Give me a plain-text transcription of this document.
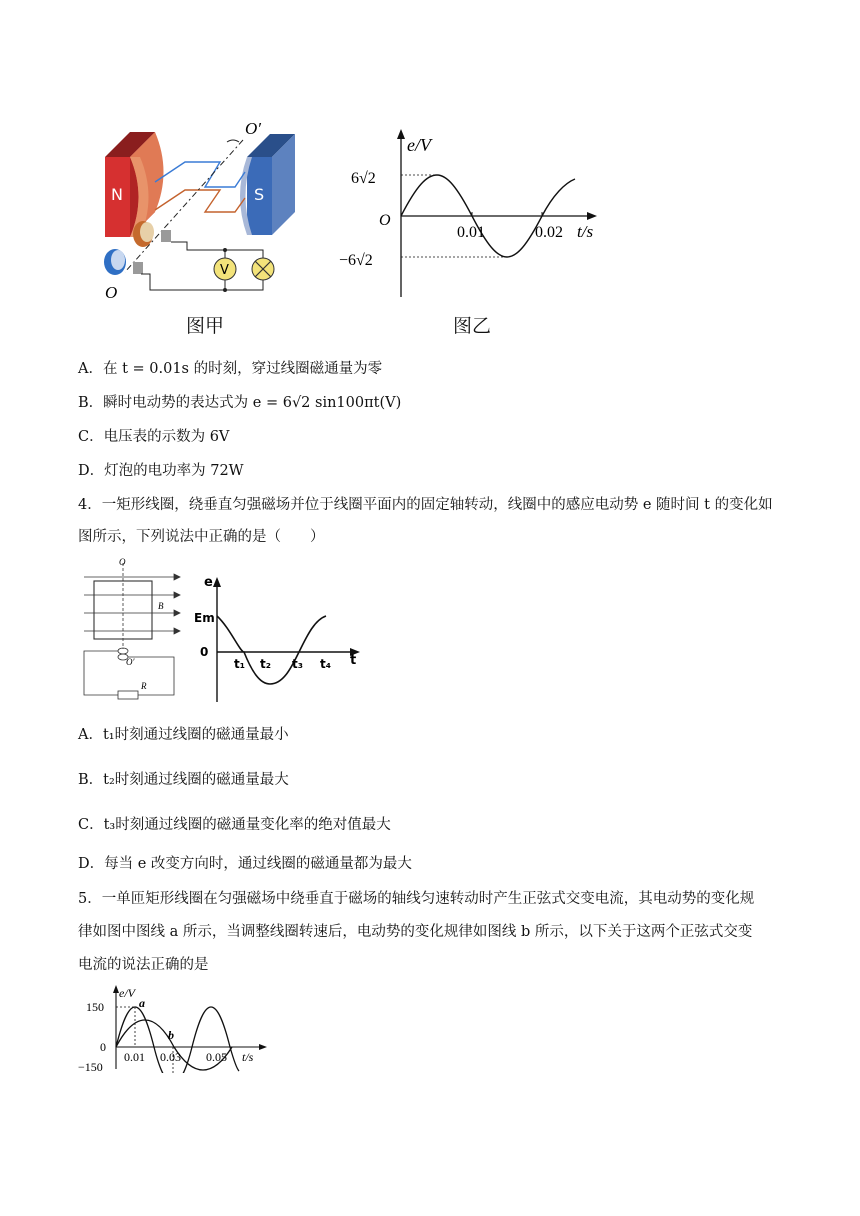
N	S
O′
O
V
图甲
e/V
6√2
O
−6√2
0.01	0.02 t/s
图乙
A．在 t = 0.01s 的时刻，穿过线圈磁通量为零
B．瞬时电动势的表达式为 e = 6√2 sin100πt(V)
C．电压表的示数为 6V
D．灯泡的电功率为 72W
4．一矩形线圈，绕垂直匀强磁场并位于线圈平面内的固定轴转动，线圈中的感应电动势 e 随时间 t 的变化如
图所示，下列说法中正确的是（　　）
O
B
O′
R
e
Em
0
t₁ t₂ t₃ t₄ t
A．t₁时刻通过线圈的磁通量最小
B．t₂时刻通过线圈的磁通量最大
C．t₃时刻通过线圈的磁通量变化率的绝对值最大
D．每当 e 改变方向时，通过线圈的磁通量都为最大
5．一单匝矩形线圈在匀强磁场中绕垂直于磁场的轴线匀速转动时产生正弦式交变电流，其电动势的变化规
律如图中图线 a 所示，当调整线圈转速后，电动势的变化规律如图线 b 所示，以下关于这两个正弦式交变
电流的说法正确的是
e/V
150
0
−150
0.01 0.03 0.05 t/s
a
b
